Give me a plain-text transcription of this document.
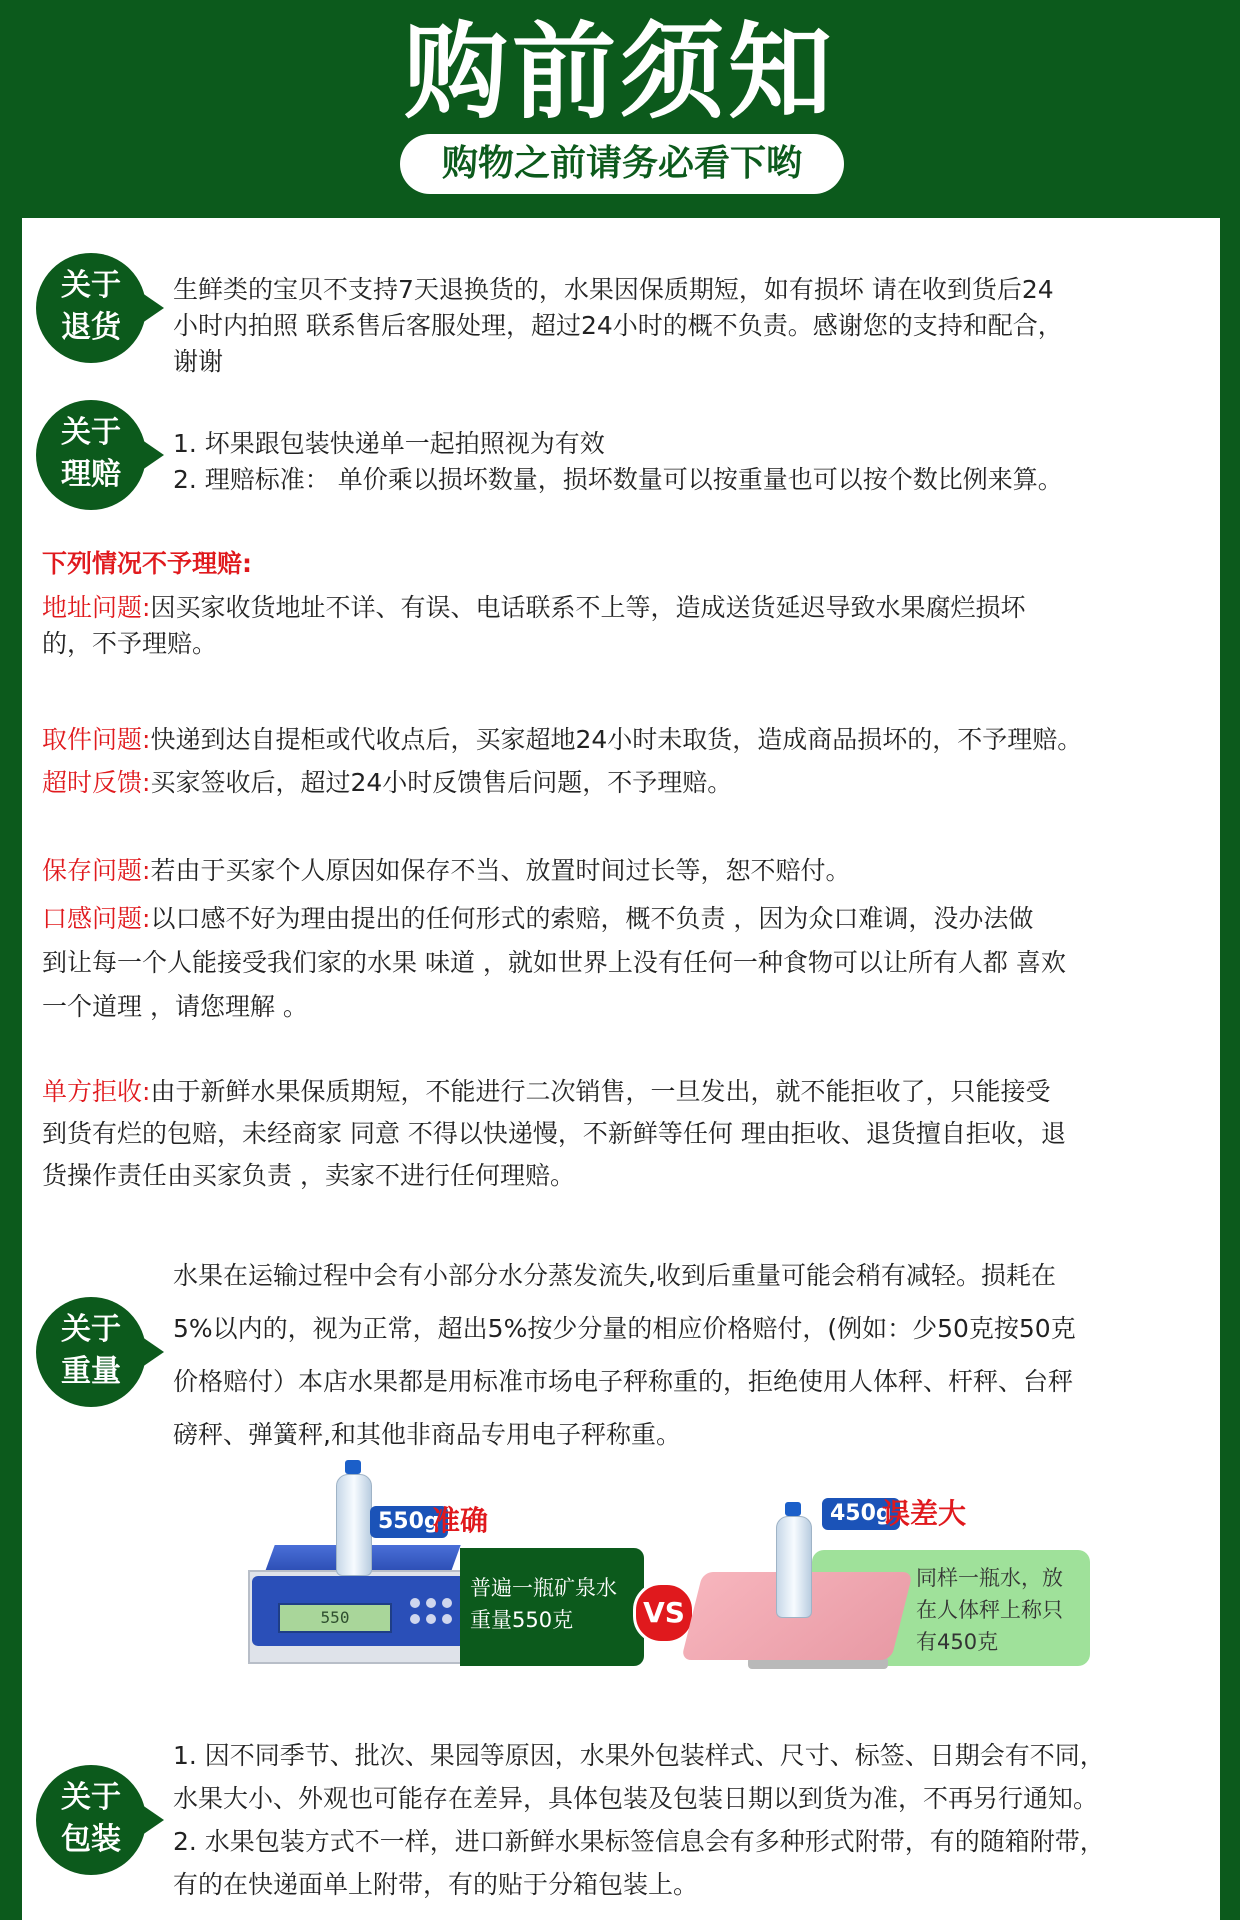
购前须知
购物之前请务必看下哟
关于
退货

生鲜类的宝贝不支持7天退换货的，水果因保质期短，如有损坏 请在收到货后24

小时内拍照 联系售后客服处理，超过24小时的概不负责。感谢您的支持和配合，

谢谢

关于
理赔

1. 坏果跟包装快递单一起拍照视为有效

2. 理赔标准： 单价乘以损坏数量，损坏数量可以按重量也可以按个数比例来算。

下列情况不予理赔:

地址问题:因买家收货地址不详、有误、电话联系不上等，造成送货延迟导致水果腐烂损坏

的，不予理赔。

取件问题:快递到达自提柜或代收点后，买家超地24小时未取货，造成商品损坏的，不予理赔。

超时反馈:买家签收后，超过24小时反馈售后问题，不予理赔。

保存问题:若由于买家个人原因如保存不当、放置时间过长等，恕不赔付。

口感问题:以口感不好为理由提出的任何形式的索赔，概不负责 ，因为众口难调，没办法做

到让每一个人能接受我们家的水果 味道 ，就如世界上没有任何一种食物可以让所有人都 喜欢

一个道理 ，请您理解 。

单方拒收:由于新鲜水果保质期短，不能进行二次销售，一旦发出，就不能拒收了，只能接受

到货有烂的包赔，未经商家 同意 不得以快递慢，不新鲜等任何 理由拒收、退货擅自拒收，退

货操作责任由买家负责 ，卖家不进行任何理赔。

关于
重量

水果在运输过程中会有小部分水分蒸发流失,收到后重量可能会稍有减轻。损耗在

5%以内的，视为正常，超出5%按少分量的相应价格赔付，(例如：少50克按50克

价格赔付）本店水果都是用标准市场电子秤称重的，拒绝使用人体秤、杆秤、台秤

磅秤、弹簧秤,和其他非商品专用电子秤称重。

550
550g
准确
普遍一瓶矿泉水
重量550克	VS
同样一瓶水，放
在人体秤上称只
有450克
450g
误差大
关于
包装

1. 因不同季节、批次、果园等原因，水果外包装样式、尺寸、标签、日期会有不同，

水果大小、外观也可能存在差异，具体包装及包装日期以到货为准，不再另行通知。

2. 水果包装方式不一样，进口新鲜水果标签信息会有多种形式附带，有的随箱附带，

有的在快递面单上附带，有的贴于分箱包装上。
